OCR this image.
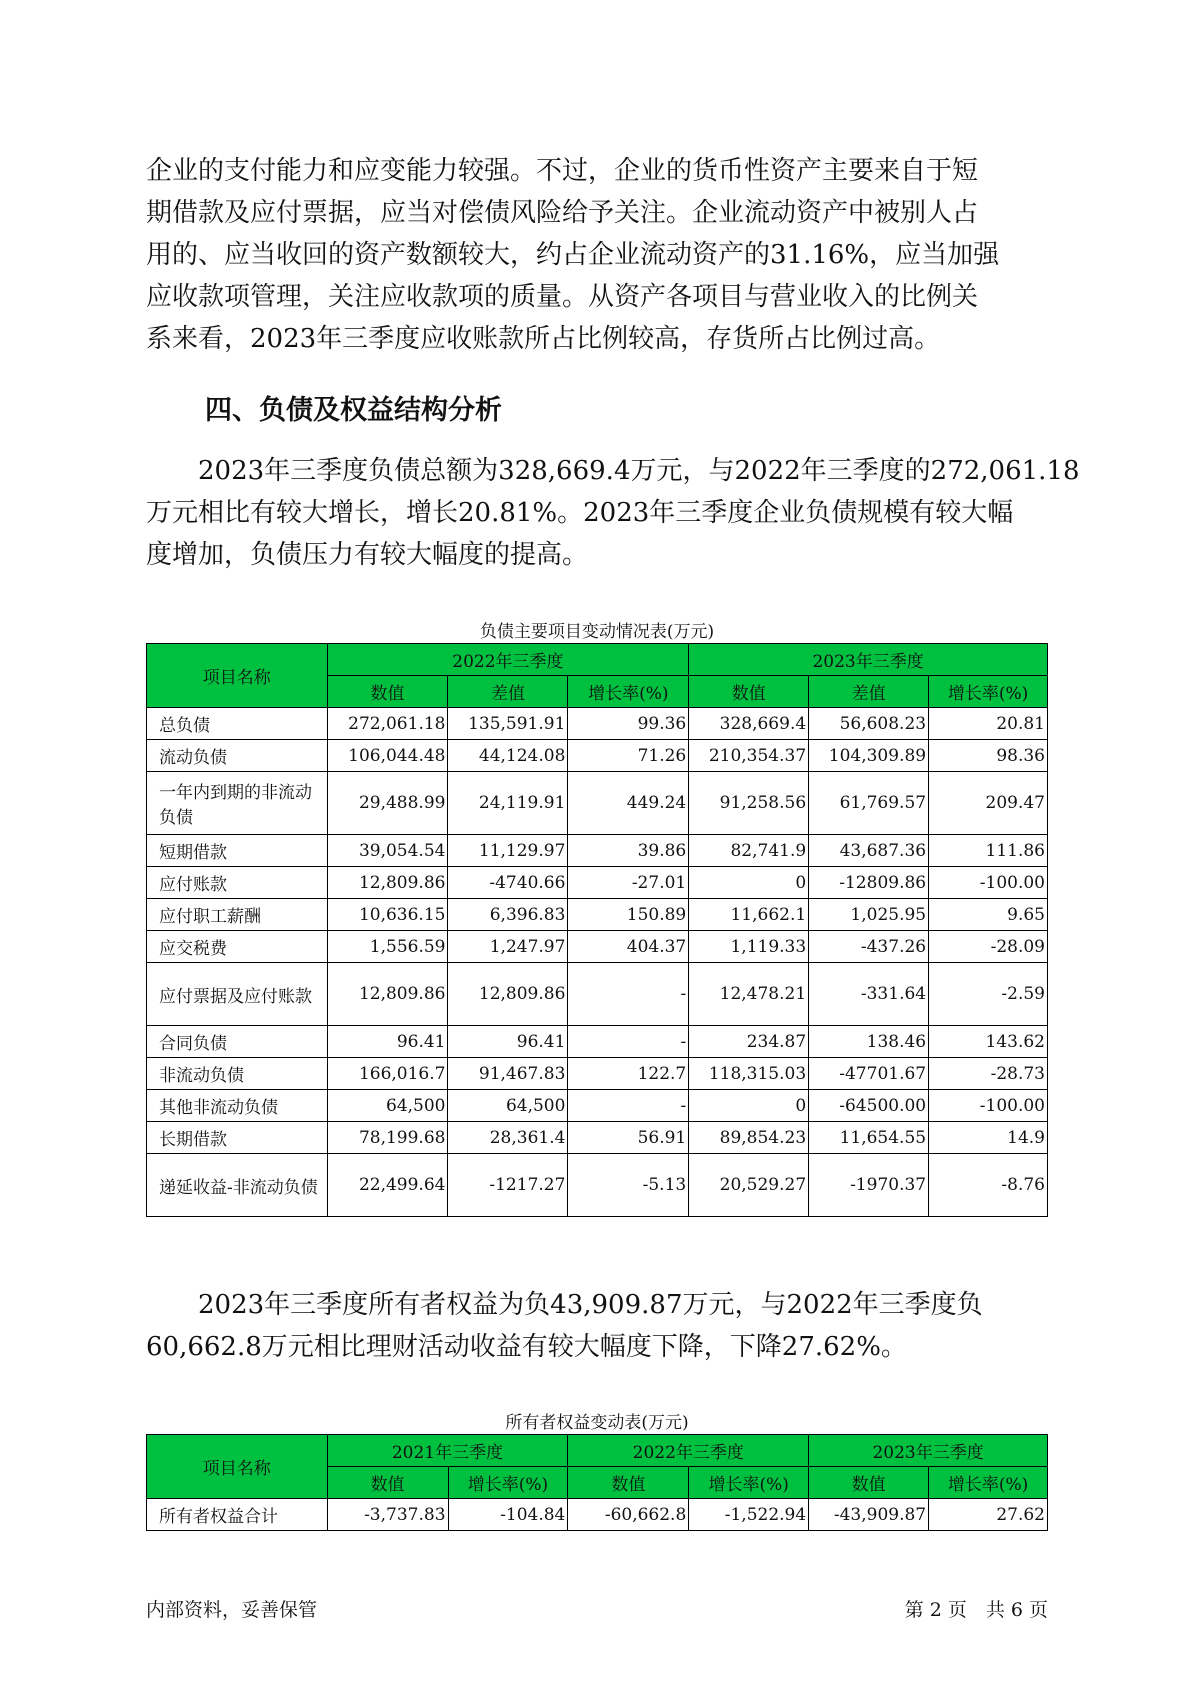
企业的支付能力和应变能力较强。不过，企业的货币性资产主要来自于短
期借款及应付票据，应当对偿债风险给予关注。企业流动资产中被别人占
用的、应当收回的资产数额较大，约占企业流动资产的31.16%，应当加强
应收款项管理，关注应收款项的质量。从资产各项目与营业收入的比例关
系来看，2023年三季度应收账款所占比例较高，存货所占比例过高。

四、负债及权益结构分析

　　2023年三季度负债总额为328,669.4万元，与2022年三季度的272,061.18
万元相比有较大增长，增长20.81%。2023年三季度企业负债规模有较大幅
度增加，负债压力有较大幅度的提高。

负债主要项目变动情况表(万元)
项目名称	2022年三季度			2023年三季度		
	数值	差值	增长率(%)	数值	差值	增长率(%)
总负债	272,061.18	135,591.91	99.36	328,669.4	56,608.23	20.81
流动负债	106,044.48	44,124.08	71.26	210,354.37	104,309.89	98.36
一年内到期的非流动负债	29,488.99	24,119.91	449.24	91,258.56	61,769.57	209.47
短期借款	39,054.54	11,129.97	39.86	82,741.9	43,687.36	111.86
应付账款	12,809.86	-4740.66	-27.01	0	-12809.86	-100.00
应付职工薪酬	10,636.15	6,396.83	150.89	11,662.1	1,025.95	9.65
应交税费	1,556.59	1,247.97	404.37	1,119.33	-437.26	-28.09
应付票据及应付账款	12,809.86	12,809.86	-	12,478.21	-331.64	-2.59
合同负债	96.41	96.41	-	234.87	138.46	143.62
非流动负债	166,016.7	91,467.83	122.7	118,315.03	-47701.67	-28.73
其他非流动负债	64,500	64,500	-	0	-64500.00	-100.00
长期借款	78,199.68	28,361.4	56.91	89,854.23	11,654.55	14.9
递延收益-非流动负债	22,499.64	-1217.27	-5.13	20,529.27	-1970.37	-8.76

　　2023年三季度所有者权益为负43,909.87万元，与2022年三季度负
60,662.8万元相比理财活动收益有较大幅度下降，下降27.62%。

所有者权益变动表(万元)
项目名称	2021年三季度		2022年三季度		2023年三季度	
	数值	增长率(%)	数值	增长率(%)	数值	增长率(%)
所有者权益合计	-3,737.83	-104.84	-60,662.8	-1,522.94	-43,909.87	27.62
内部资料，妥善保管	第 2 页　共 6 页
